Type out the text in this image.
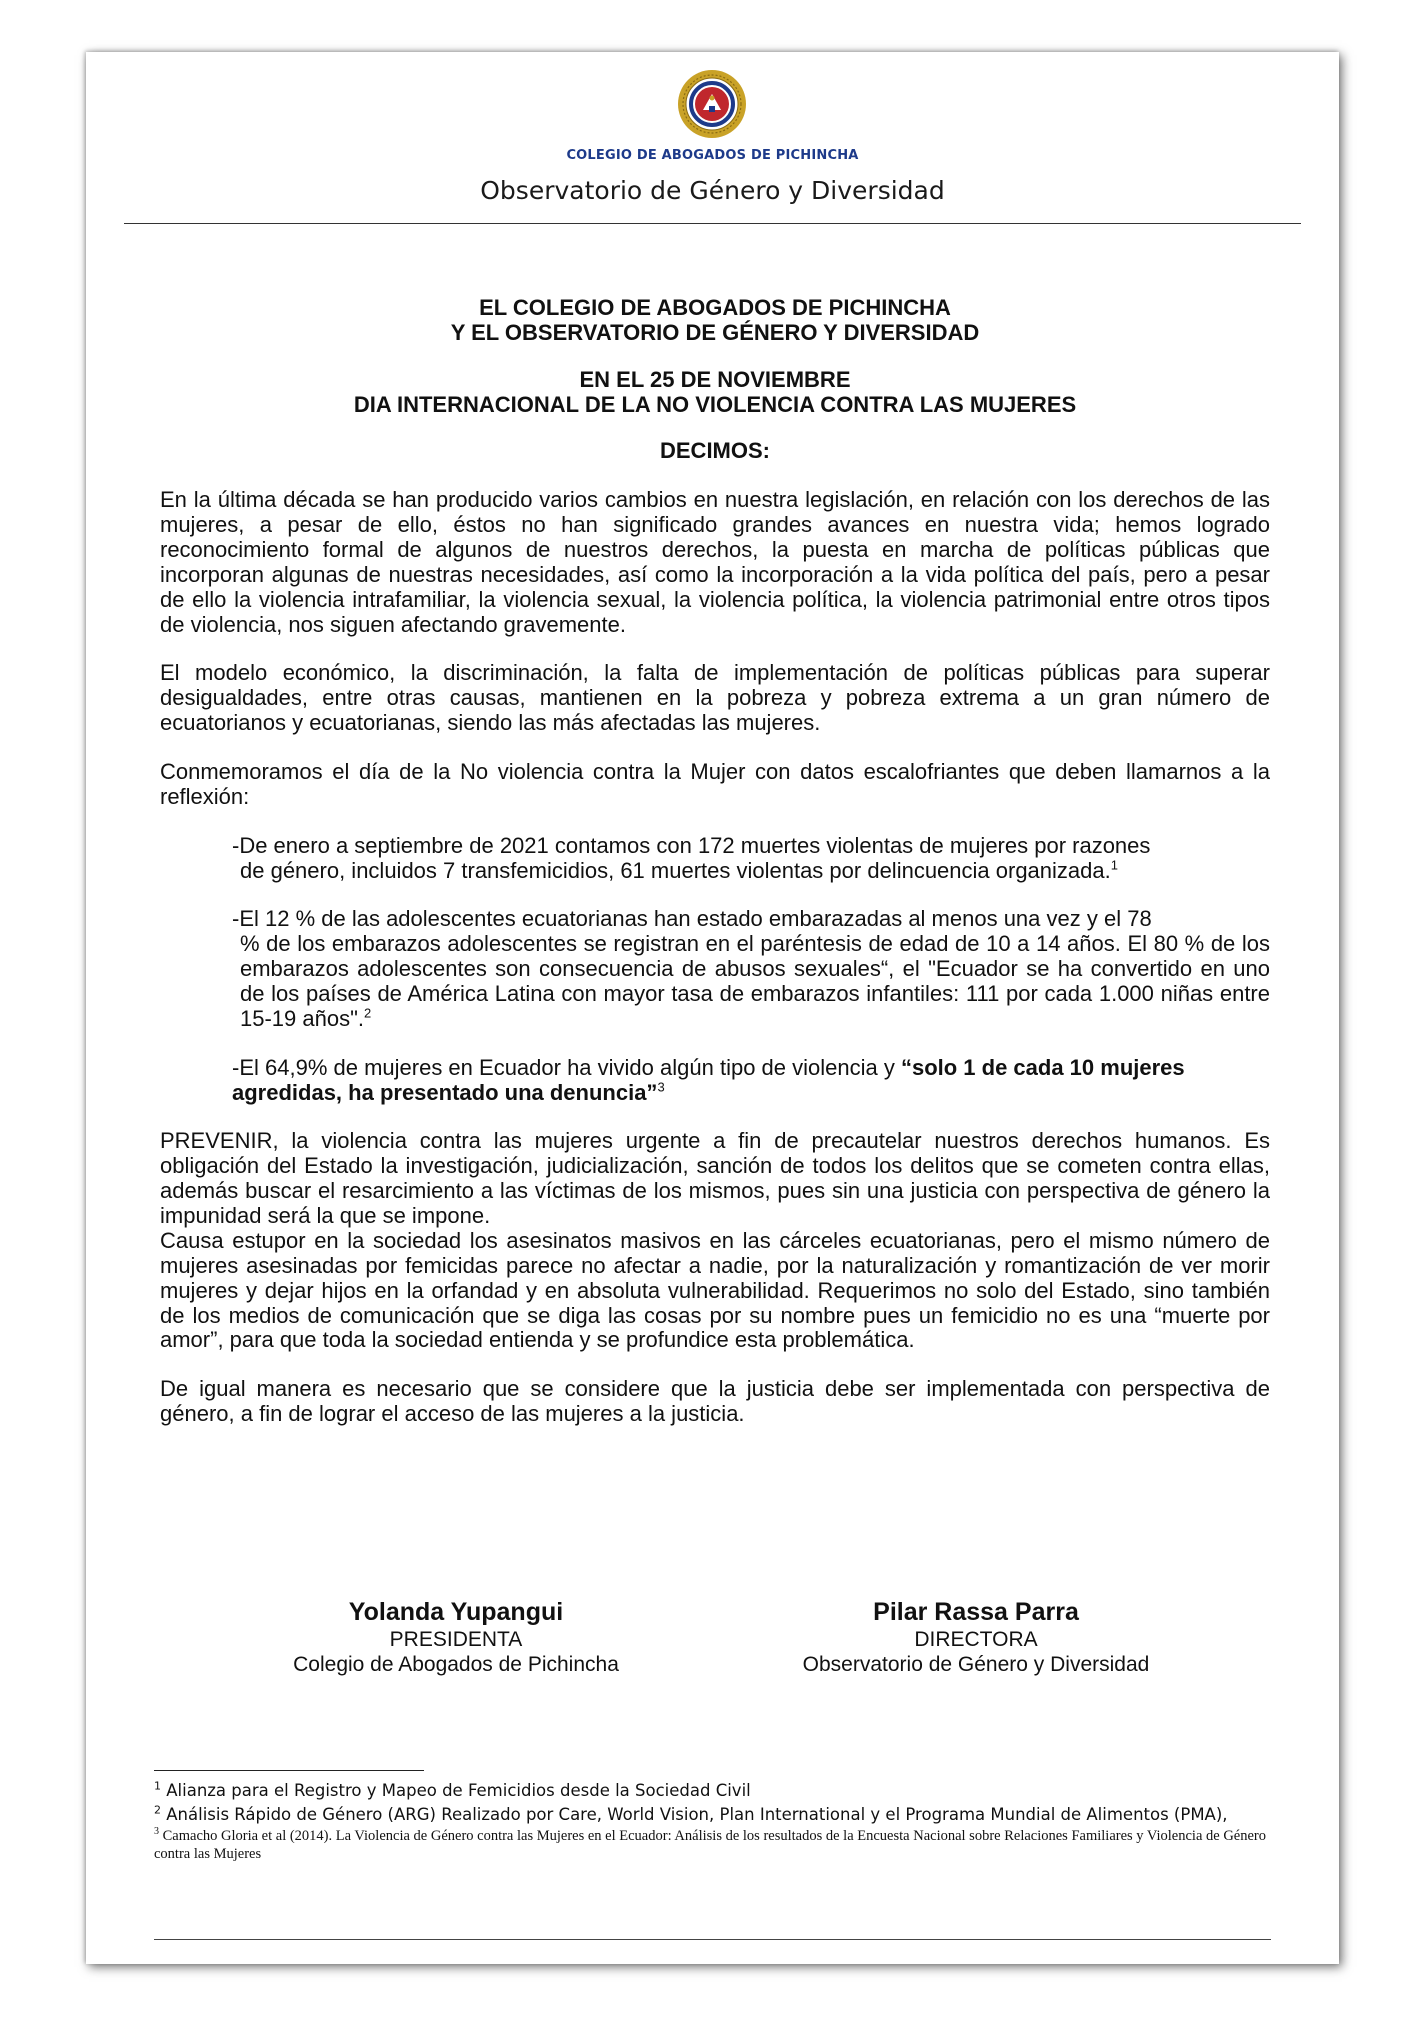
COLEGIO DE ABOGADOS DE PICHINCHA
Observatorio de Género y Diversidad
EL COLEGIO DE ABOGADOS DE PICHINCHA
Y EL OBSERVATORIO DE GÉNERO Y DIVERSIDAD
EN EL 25 DE NOVIEMBRE
DIA INTERNACIONAL DE LA NO VIOLENCIA CONTRA LAS MUJERES
DECIMOS:

En la última década se han producido varios cambios en nuestra legislación, en relación con los derechos de las mujeres, a pesar de ello, éstos no han significado grandes avances en nuestra vida; hemos logrado reconocimiento formal de algunos de nuestros derechos, la puesta en marcha de políticas públicas que incorporan algunas de nuestras necesidades, así como la incorporación a la vida política del país, pero a pesar de ello la violencia intrafamiliar, la violencia sexual, la violencia política, la violencia patrimonial entre otros tipos de violencia, nos siguen afectando gravemente.

El modelo económico, la discriminación, la falta de implementación de políticas públicas para superar desigualdades, entre otras causas, mantienen en la pobreza y pobreza extrema a un gran número de ecuatorianos y ecuatorianas, siendo las más afectadas las mujeres.

Conmemoramos el día de la No violencia contra la Mujer con datos escalofriantes que deben llamarnos a la reflexión:

-De enero a septiembre de 2021 contamos con 172 muertes violentas de mujeres por razones
de género, incluidos 7 transfemicidios, 61 muertes violentas por delincuencia organizada.$^1$
-El 12 % de las adolescentes ecuatorianas han estado embarazadas al menos una vez y el 78
% de los embarazos adolescentes se registran en el paréntesis de edad de 10 a 14 años. El 80 % de los embarazos adolescentes son consecuencia de abusos sexuales“, el "Ecuador se ha convertido en uno de los países de América Latina con mayor tasa de embarazos infantiles: 111 por cada 1.000 niñas entre 15-19 años".$^2$
-El 64,9% de mujeres en Ecuador ha vivido algún tipo de violencia y “solo 1 de cada 10 mujeres agredidas, ha presentado una denuncia”$^3$

PREVENIR, la violencia contra las mujeres urgente a fin de precautelar nuestros derechos humanos. Es obligación del Estado la investigación, judicialización, sanción de todos los delitos que se cometen contra ellas, además buscar el resarcimiento a las víctimas de los mismos, pues sin una justicia con perspectiva de género la impunidad será la que se impone.

Causa estupor en la sociedad los asesinatos masivos en las cárceles ecuatorianas, pero el mismo número de mujeres asesinadas por femicidas parece no afectar a nadie, por la naturalización y romantización de ver morir mujeres y dejar hijos en la orfandad y en absoluta vulnerabilidad. Requerimos no solo del Estado, sino también de los medios de comunicación que se diga las cosas por su nombre pues un femicidio no es una “muerte por amor”, para que toda la sociedad entienda y se profundice esta problemática.

De igual manera es necesario que se considere que la justicia debe ser implementada con perspectiva de género, a fin de lograr el acceso de las mujeres a la justicia.

Yolanda Yupangui
PRESIDENTA
Colegio de Abogados de Pichincha
Pilar Rassa Parra
DIRECTORA
Observatorio de Género y Diversidad
$^1$ Alianza para el Registro y Mapeo de Femicidios desde la Sociedad Civil
$^2$ Análisis Rápido de Género (ARG) Realizado por Care, World Vision, Plan International y el Programa Mundial de Alimentos (PMA),
$^3$ Camacho Gloria et al (2014). La Violencia de Género contra las Mujeres en el Ecuador: Análisis de los resultados de la Encuesta Nacional sobre Relaciones Familiares y Violencia de Género contra las Mujeres
